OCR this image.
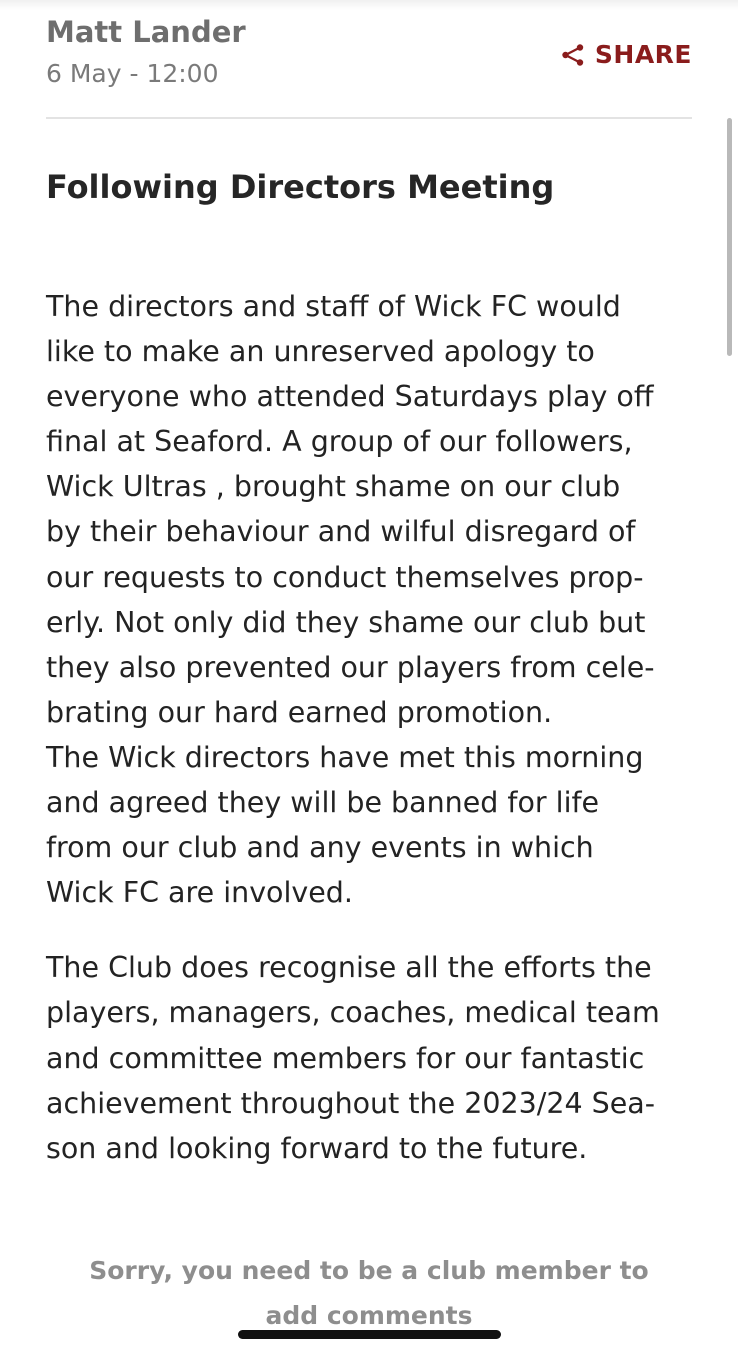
Matt Lander
6 May - 12:00
SHARE
Following Directors Meeting

The directors and staff of Wick FC would
like to make an unreserved apology to
everyone who attended Saturdays play off
final at Seaford. A group of our followers,
Wick Ultras , brought shame on our club
by their behaviour and wilful disregard of
our requests to conduct themselves prop-
erly. Not only did they shame our club but
they also prevented our players from cele-
brating our hard earned promotion.
The Wick directors have met this morning
and agreed they will be banned for life
from our club and any events in which
Wick FC are involved.

The Club does recognise all the efforts the
players, managers, coaches, medical team
and committee members for our fantastic
achievement throughout the 2023/24 Sea-
son and looking forward to the future.

Sorry, you need to be a club member to
add comments
